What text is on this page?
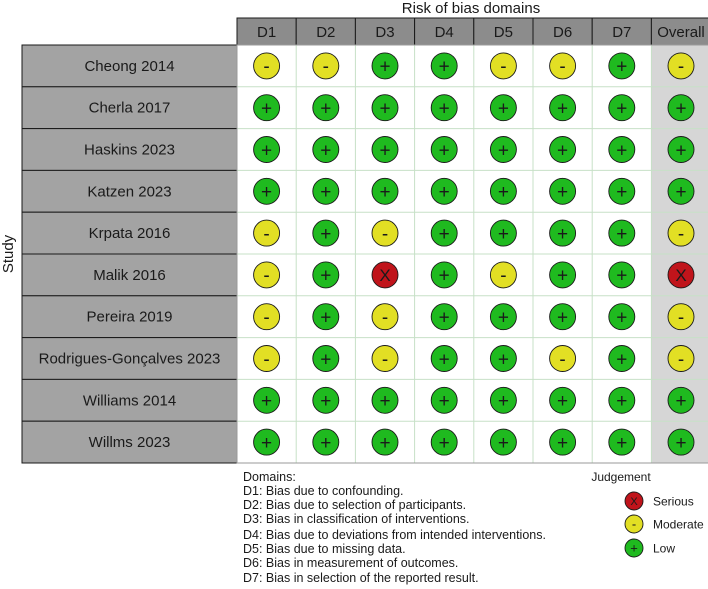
Risk of bias domains
Study
D1	D2	D3	D4	D5	D6	D7 Overall
Cheong 2014	-	-	+	+	-	-	+	-
Cherla 2017	+	+	+	+	+	+	+	+
Haskins 2023	+	+	+	+	+	+	+	+
Katzen 2023	+	+	+	+	+	+	+	+
Krpata 2016	-	+	-	+	+	+	+	-
Malik 2016	-	+	X	+	-	+	+	X
Pereira 2019	-	+	-	+	+	+	+	-
Rodrigues-Gonçalves 2023 -	+	-	+	+	-	+	-
Williams 2014	+	+	+	+	+	+	+	+
Willms 2023	+	+	+	+	+	+	+	+
Domains:
D1: Bias due to confounding.
D2: Bias due to selection of participants.
D3: Bias in classification of interventions.
D4: Bias due to deviations from intended interventions.
D5: Bias due to missing data.
D6: Bias in measurement of outcomes.
D7: Bias in selection of the reported result.
Judgement
X Serious
- Moderate
+ Low
